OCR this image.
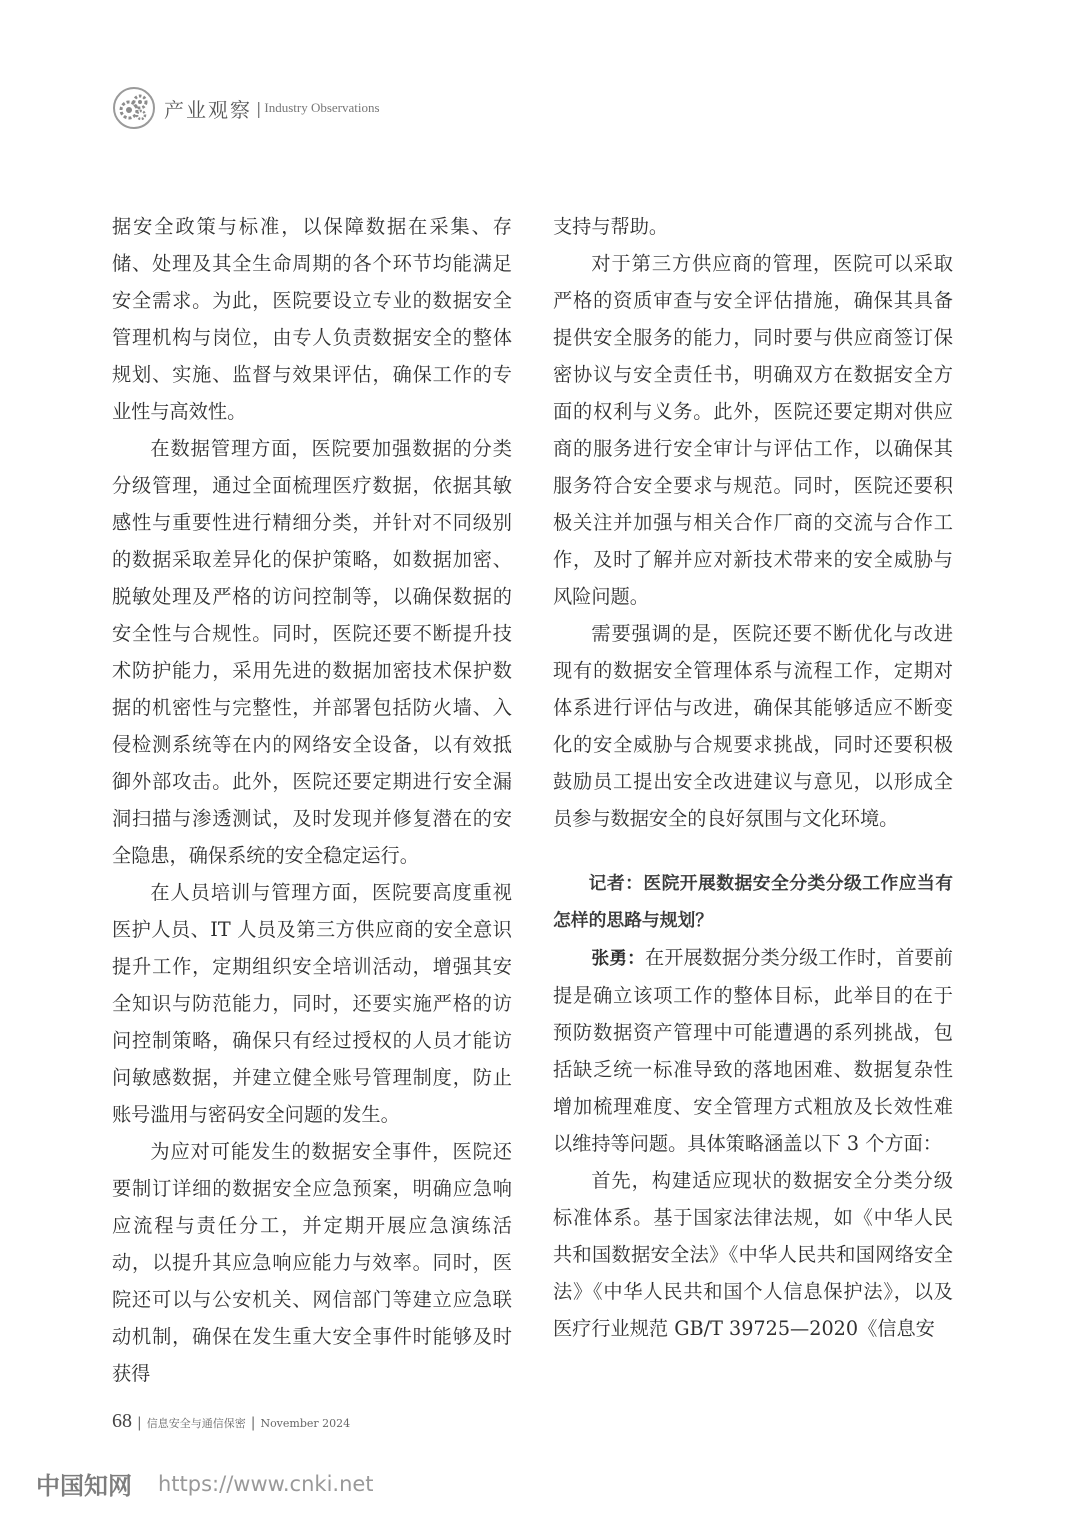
产业观察 | Industry Observations

据安全政策与标准，以保障数据在采集、存储、处理及其全生命周期的各个环节均能满足安全需求。为此，医院要设立专业的数据安全管理机构与岗位，由专人负责数据安全的整体规划、实施、监督与效果评估，确保工作的专业性与高效性。

在数据管理方面，医院要加强数据的分类分级管理，通过全面梳理医疗数据，依据其敏感性与重要性进行精细分类，并针对不同级别的数据采取差异化的保护策略，如数据加密、脱敏处理及严格的访问控制等，以确保数据的安全性与合规性。同时，医院还要不断提升技术防护能力，采用先进的数据加密技术保护数据的机密性与完整性，并部署包括防火墙、入侵检测系统等在内的网络安全设备，以有效抵御外部攻击。此外，医院还要定期进行安全漏洞扫描与渗透测试，及时发现并修复潜在的安全隐患，确保系统的安全稳定运行。

在人员培训与管理方面，医院要高度重视医护人员、IT 人员及第三方供应商的安全意识提升工作，定期组织安全培训活动，增强其安全知识与防范能力，同时，还要实施严格的访问控制策略，确保只有经过授权的人员才能访问敏感数据，并建立健全账号管理制度，防止账号滥用与密码安全问题的发生。

为应对可能发生的数据安全事件，医院还要制订详细的数据安全应急预案，明确应急响应流程与责任分工，并定期开展应急演练活动，以提升其应急响应能力与效率。同时，医院还可以与公安机关、网信部门等建立应急联动机制，确保在发生重大安全事件时能够及时获得

支持与帮助。

对于第三方供应商的管理，医院可以采取严格的资质审查与安全评估措施，确保其具备提供安全服务的能力，同时要与供应商签订保密协议与安全责任书，明确双方在数据安全方面的权利与义务。此外，医院还要定期对供应商的服务进行安全审计与评估工作，以确保其服务符合安全要求与规范。同时，医院还要积极关注并加强与相关合作厂商的交流与合作工作，及时了解并应对新技术带来的安全威胁与风险问题。

需要强调的是，医院还要不断优化与改进现有的数据安全管理体系与流程工作，定期对体系进行评估与改进，确保其能够适应不断变化的安全威胁与合规要求挑战，同时还要积极鼓励员工提出安全改进建议与意见，以形成全员参与数据安全的良好氛围与文化环境。

记者：医院开展数据安全分类分级工作应当有怎样的思路与规划？

张勇：在开展数据分类分级工作时，首要前提是确立该项工作的整体目标，此举目的在于预防数据资产管理中可能遭遇的系列挑战，包括缺乏统一标准导致的落地困难、数据复杂性增加梳理难度、安全管理方式粗放及长效性难以维持等问题。具体策略涵盖以下 3 个方面：

首先，构建适应现状的数据安全分类分级标准体系。基于国家法律法规，如《中华人民共和国数据安全法》《中华人民共和国网络安全法》《中华人民共和国个人信息保护法》，以及医疗行业规范 GB/T 39725—2020《信息安

68 | 信息安全与通信保密 | November 2024
中国知网 https://www.cnki.net
